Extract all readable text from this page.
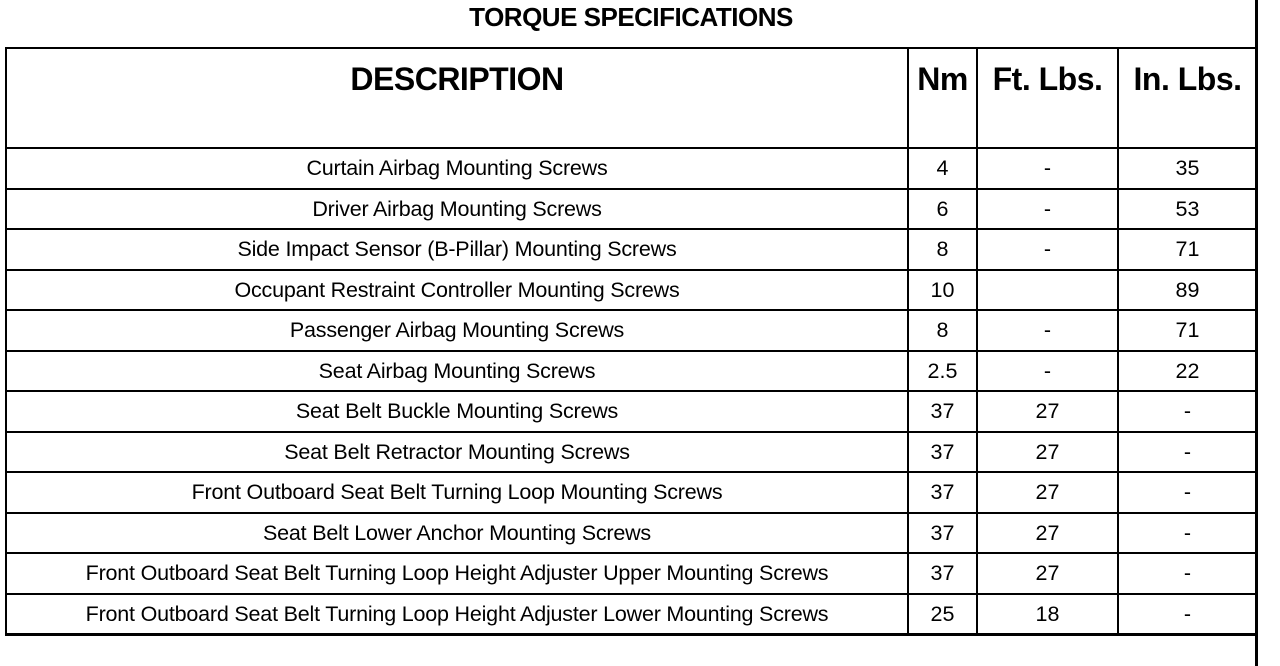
TORQUE SPECIFICATIONS
DESCRIPTION	Nm	Ft. Lbs.	In. Lbs.
Curtain Airbag Mounting Screws	4	-	35
Driver Airbag Mounting Screws	6	-	53
Side Impact Sensor (B-Pillar) Mounting Screws	8	-	71
Occupant Restraint Controller Mounting Screws	10		89
Passenger Airbag Mounting Screws	8	-	71
Seat Airbag Mounting Screws	2.5	-	22
Seat Belt Buckle Mounting Screws	37	27	-
Seat Belt Retractor Mounting Screws	37	27	-
Front Outboard Seat Belt Turning Loop Mounting Screws	37	27	-
Seat Belt Lower Anchor Mounting Screws	37	27	-
Front Outboard Seat Belt Turning Loop Height Adjuster Upper Mounting Screws	37	27	-
Front Outboard Seat Belt Turning Loop Height Adjuster Lower Mounting Screws	25	18	-
